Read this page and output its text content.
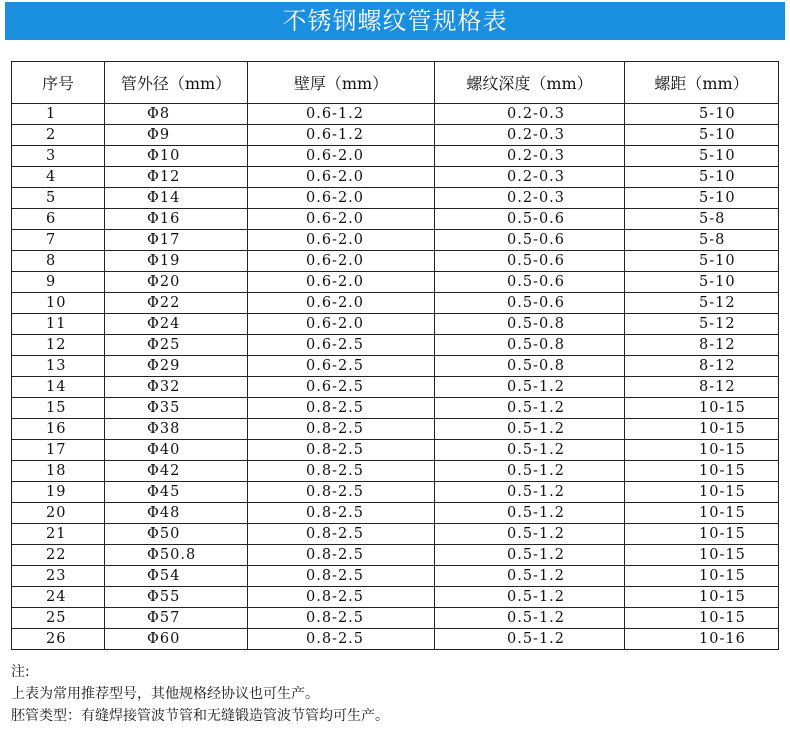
不锈钢螺纹管规格表
序号	管外径（mm）	壁厚（mm）	螺纹深度（mm）	螺距（mm）
1	Φ8	0.6-1.2	0.2-0.3	5-10
2	Φ9	0.6-1.2	0.2-0.3	5-10
3	Φ10	0.6-2.0	0.2-0.3	5-10
4	Φ12	0.6-2.0	0.2-0.3	5-10
5	Φ14	0.6-2.0	0.2-0.3	5-10
6	Φ16	0.6-2.0	0.5-0.6	5-8
7	Φ17	0.6-2.0	0.5-0.6	5-8
8	Φ19	0.6-2.0	0.5-0.6	5-10
9	Φ20	0.6-2.0	0.5-0.6	5-10
10	Φ22	0.6-2.0	0.5-0.6	5-12
11	Φ24	0.6-2.0	0.5-0.8	5-12
12	Φ25	0.6-2.5	0.5-0.8	8-12
13	Φ29	0.6-2.5	0.5-0.8	8-12
14	Φ32	0.6-2.5	0.5-1.2	8-12
15	Φ35	0.8-2.5	0.5-1.2	10-15
16	Φ38	0.8-2.5	0.5-1.2	10-15
17	Φ40	0.8-2.5	0.5-1.2	10-15
18	Φ42	0.8-2.5	0.5-1.2	10-15
19	Φ45	0.8-2.5	0.5-1.2	10-15
20	Φ48	0.8-2.5	0.5-1.2	10-15
21	Φ50	0.8-2.5	0.5-1.2	10-15
22	Φ50.8	0.8-2.5	0.5-1.2	10-15
23	Φ54	0.8-2.5	0.5-1.2	10-15
24	Φ55	0.8-2.5	0.5-1.2	10-15
25	Φ57	0.8-2.5	0.5-1.2	10-15
26	Φ60	0.8-2.5	0.5-1.2	10-16
注:
上表为常用推荐型号，其他规格经协议也可生产。
胚管类型：有缝焊接管波节管和无缝锻造管波节管均可生产。
